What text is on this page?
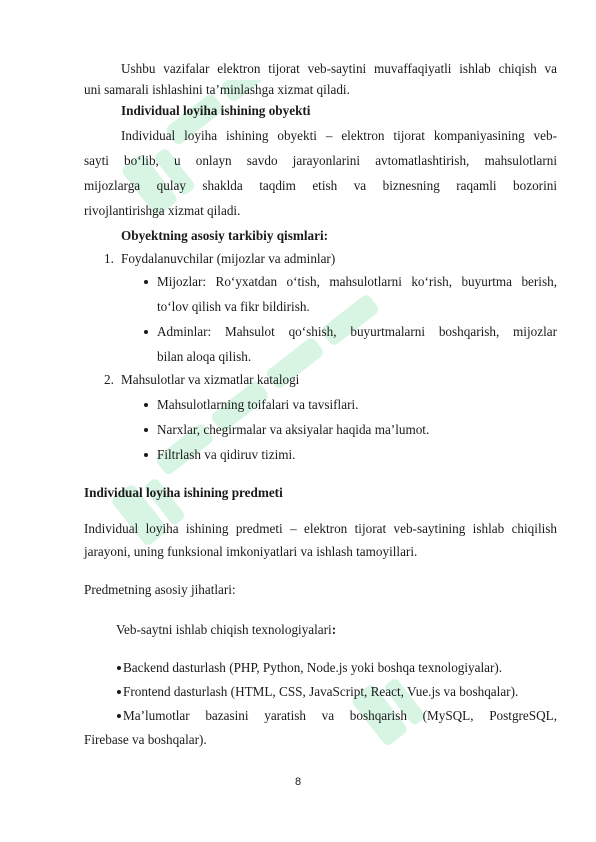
Ushbu vazifalar elektron tijorat veb-saytini muvaffaqiyatli ishlab chiqish va
uni samarali ishlashini ta’minlashga xizmat qiladi.
Individual loyiha ishining obyekti
Individual loyiha ishining obyekti – elektron tijorat kompaniyasining veb-
sayti bo‘lib, u onlayn savdo jarayonlarini avtomatlashtirish, mahsulotlarni
mijozlarga qulay shaklda taqdim etish va biznesning raqamli bozorini
rivojlantirishga xizmat qiladi.
Obyektning asosiy tarkibiy qismlari:
1. Foydalanuvchilar (mijozlar va adminlar)
Mijozlar: Ro‘yxatdan o‘tish, mahsulotlarni ko‘rish, buyurtma berish,
to‘lov qilish va fikr bildirish.
Adminlar: Mahsulot qo‘shish, buyurtmalarni boshqarish, mijozlar
bilan aloqa qilish.
2. Mahsulotlar va xizmatlar katalogi
Mahsulotlarning toifalari va tavsiflari.
Narxlar, chegirmalar va aksiyalar haqida ma’lumot.
Filtrlash va qidiruv tizimi.
Individual loyiha ishining predmeti
Individual loyiha ishining predmeti – elektron tijorat veb-saytining ishlab chiqilish
jarayoni, uning funksional imkoniyatlari va ishlash tamoyillari.
Predmetning asosiy jihatlari:
Veb-saytni ishlab chiqish texnologiyalari:
Backend dasturlash (PHP, Python, Node.js yoki boshqa texnologiyalar).
Frontend dasturlash (HTML, CSS, JavaScript, React, Vue.js va boshqalar).
Ma’lumotlar bazasini yaratish va boshqarish (MySQL, PostgreSQL,
Firebase va boshqalar).
8
